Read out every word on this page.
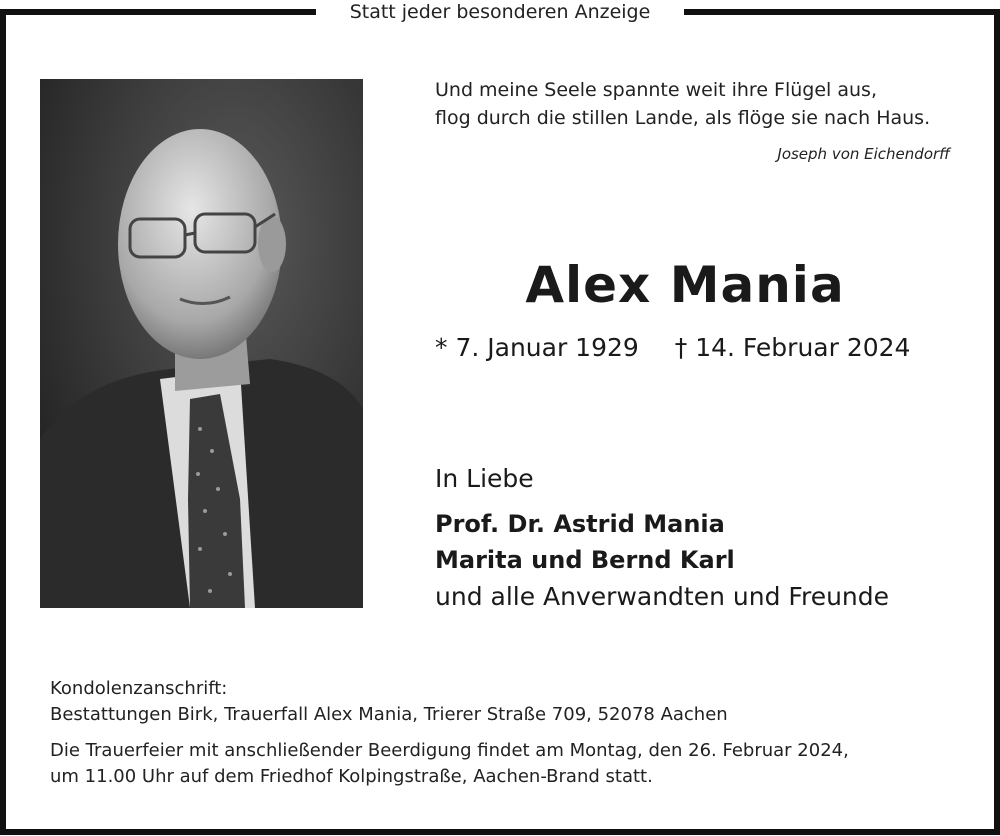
Statt jeder besonderen Anzeige
Und meine Seele spannte weit ihre Flügel aus,
flog durch die stillen Lande, als flöge sie nach Haus.
Joseph von Eichendorff
Alex Mania
* 7. Januar 1929 † 14. Februar 2024
In Liebe
Prof. Dr. Astrid Mania
Marita und Bernd Karl
und alle Anverwandten und Freunde

Kondolenzanschrift:

Bestattungen Birk, Trauerfall Alex Mania, Trierer Straße 709, 52078 Aachen

Die Trauerfeier mit anschließender Beerdigung findet am Montag, den 26. Februar 2024,

um 11.00 Uhr auf dem Friedhof Kolpingstraße, Aachen-Brand statt.
